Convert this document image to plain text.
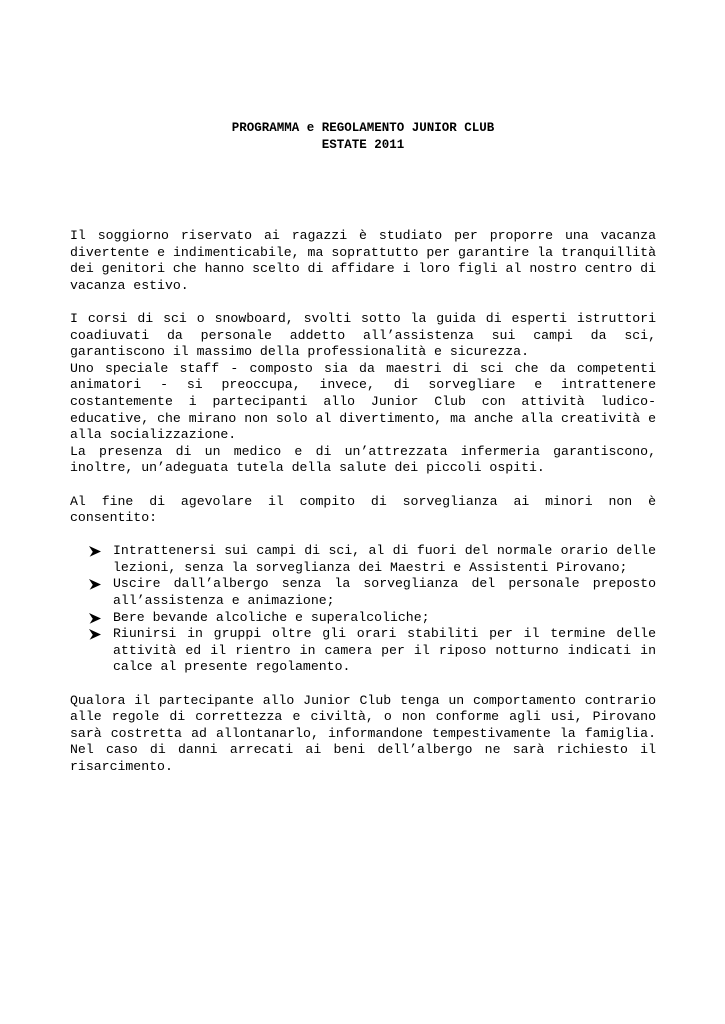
PROGRAMMA e REGOLAMENTO JUNIOR CLUB
ESTATE 2011

Il soggiorno riservato ai ragazzi è studiato per proporre una vacanza divertente e indimenticabile, ma soprattutto per garantire la tranquillità dei genitori che hanno scelto di affidare i loro figli al nostro centro di vacanza estivo.

I corsi di sci o snowboard, svolti sotto la guida di esperti istruttori coadiuvati da personale addetto all’assistenza sui campi da sci, garantiscono il massimo della professionalità e sicurezza.

Uno speciale staff - composto sia da maestri di sci che da competenti animatori - si preoccupa, invece, di sorvegliare e intrattenere costantemente i partecipanti allo Junior Club con attività ludico-educative, che mirano non solo al divertimento, ma anche alla creatività e alla socializzazione.

La presenza di un medico e di un’attrezzata infermeria garantiscono, inoltre, un’adeguata tutela della salute dei piccoli ospiti.

Al fine di agevolare il compito di sorveglianza ai minori non è consentito:

Intrattenersi sui campi di sci, al di fuori del normale orario delle lezioni, senza la sorveglianza dei Maestri e Assistenti Pirovano;
Uscire dall’albergo senza la sorveglianza del personale preposto all’assistenza e animazione;
Bere bevande alcoliche e superalcoliche;
Riunirsi in gruppi oltre gli orari stabiliti per il termine delle attività ed il rientro in camera per il riposo notturno indicati in calce al presente regolamento.

Qualora il partecipante allo Junior Club tenga un comportamento contrario alle regole di correttezza e civiltà, o non conforme agli usi, Pirovano sarà costretta ad allontanarlo, informandone tempestivamente la famiglia. Nel caso di danni arrecati ai beni dell’albergo ne sarà richiesto il risarcimento.
